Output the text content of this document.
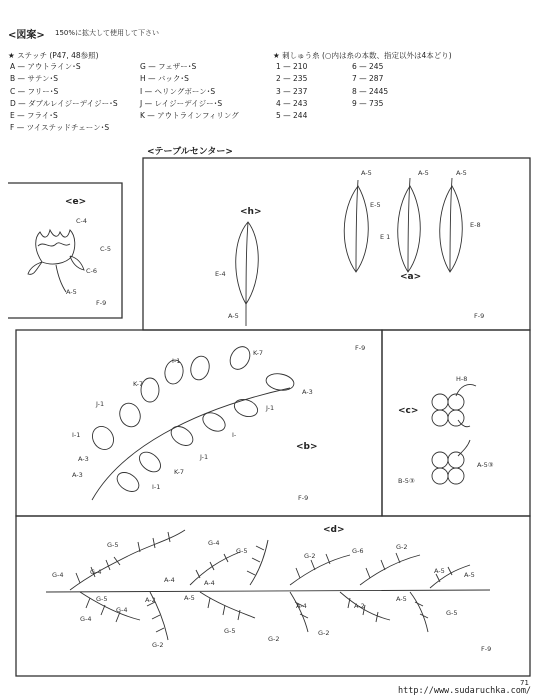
<図案> 150%に拡大して使用して下さい
★ ステッチ (P47, 48参照)
A — アウトライン･S
B — サテン･S
C — フリー･S
D — ダブルレイジーデイジー･S
E — フライ･S
F — ツイステッドチェーン･S
G — フェザー･S
H — バック･S
I — ヘリングボーン･S
J — レイジーデイジー･S
K — アウトラインフィリング
★ 刺しゅう糸 (○内は糸の本数、指定以外は4本どり)
1 — 210
2 — 235
3 — 237
4 — 243
5 — 244
6 — 245
7 — 287
8 — 2445
9 — 735
<テーブルセンター>
<e>
<h>
<a>
<b>
<c>
<d>
C-4
C-5
C-6
A-5
F-9
E-4
A-5
A-5	A-5	A-5
E-5
E 1
E-8
F-9
K-7
I-1
K-7
A-3
J-1	J-1
I-1	I-
A-3	J-1
A-3	K-7
I-1
F-9
F-9
H-8
A-5③
B-5③
G-5	G-4
G-5
G-2
G-6	G-2
G-4	G-4
A-4	A-4
A-5	A-5
G-5
G-4
A-2	A-5
A-4	A-2
A-5
G-5
G-4
G-2
G-5
G-2
G-2
F-9
http://www.sudaruchka.com/
71
